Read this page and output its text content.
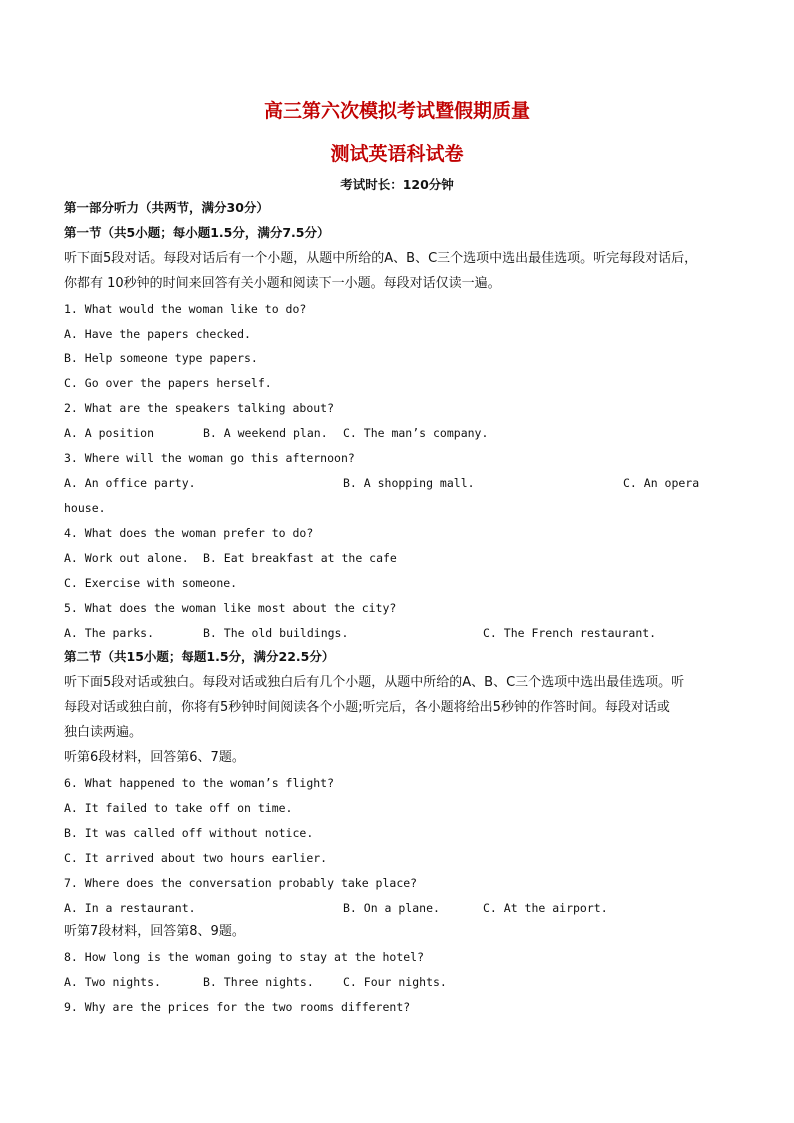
高三第六次模拟考试暨假期质量
测试英语科试卷
考试时长：120分钟
第一部分听力（共两节，满分30分）
第一节（共5小题；每小题1.5分，满分7.5分）
听下面5段对话。每段对话后有一个小题，从题中所给的A、B、C三个选项中选出最佳选项。听完每段对话后，
你都有 10秒钟的时间来回答有关小题和阅读下一小题。每段对话仅读一遍。
1. What would the woman like to do?
A. Have the papers checked.
B. Help someone type papers.
C. Go over the papers herself.
2. What are the speakers talking about?
A. A position	B. A weekend plan. C. The man’s company.
3. Where will the woman go this afternoon?
A. An office party.	B. A shopping mall.	C. An opera
house.
4. What does the woman prefer to do?
A. Work out alone. B. Eat breakfast at the cafe
C. Exercise with someone.
5. What does the woman like most about the city?
A. The parks.	B. The old buildings.	C. The French restaurant.
第二节（共15小题；每题1.5分，满分22.5分）
听下面5段对话或独白。每段对话或独白后有几个小题，从题中所给的A、B、C三个选项中选出最佳选项。听
每段对话或独白前，你将有5秒钟时间阅读各个小题;听完后，各小题将给出5秒钟的作答时间。每段对话或
独白读两遍。
听第6段材料，回答第6、7题。
6. What happened to the woman’s flight?
A. It failed to take off on time.
B. It was called off without notice.
C. It arrived about two hours earlier.
7. Where does the conversation probably take place?
A. In a restaurant.	B. On a plane.	C. At the airport.
听第7段材料，回答第8、9题。
8. How long is the woman going to stay at the hotel?
A. Two nights.	B. Three nights.	C. Four nights.
9. Why are the prices for the two rooms different?
